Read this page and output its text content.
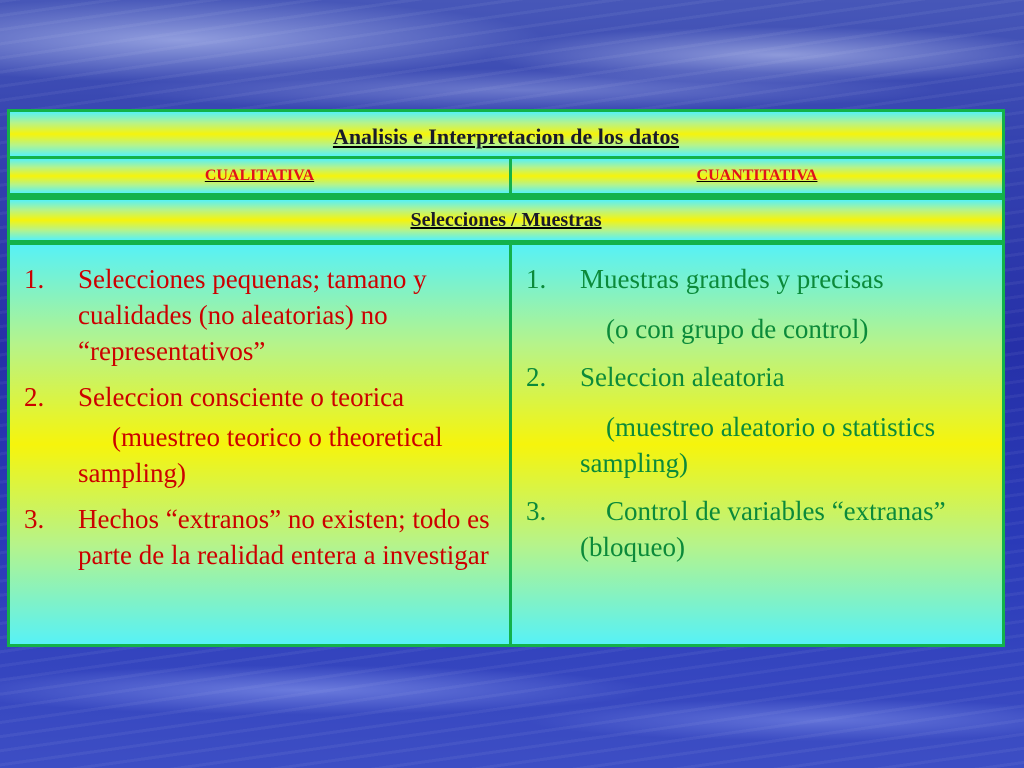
Analisis e Interpretacion de los datos
CUALITATIVA	CUANTITATIVA
Selecciones / Muestras
1. Selecciones pequenas; tamano y cualidades (no aleatorias) no “representativos”
2. Seleccion consciente o teorica
(muestreo teorico o theoretical sampling)
3. Hechos “extranos” no existen; todo es parte de la realidad entera a investigar
1. Muestras grandes y precisas
(o con grupo de control)
2. Seleccion aleatoria
(muestreo aleatorio o statistics sampling)
3. Control de variables “extranas” (bloqueo)
